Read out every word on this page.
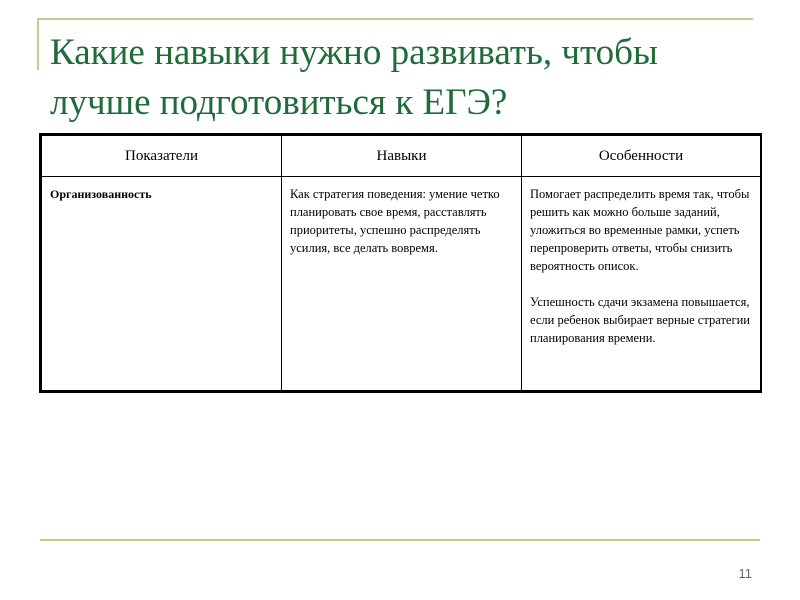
Какие навыки нужно развивать, чтобы
лучше подготовиться к ЕГЭ?
Показатели	Навыки	Особенности
Организованность	Как стратегия поведения: умение четко планировать свое время, расставлять приоритеты, успешно распределять усилия, все делать вовремя.	Помогает распределить время так, чтобы решить как можно больше заданий, уложиться во временные рамки, успеть перепроверить ответы, чтобы снизить вероятность описок.
Успешность сдачи экзамена повышается, если ребенок выбирает верные стратегии планирования времени.
11
